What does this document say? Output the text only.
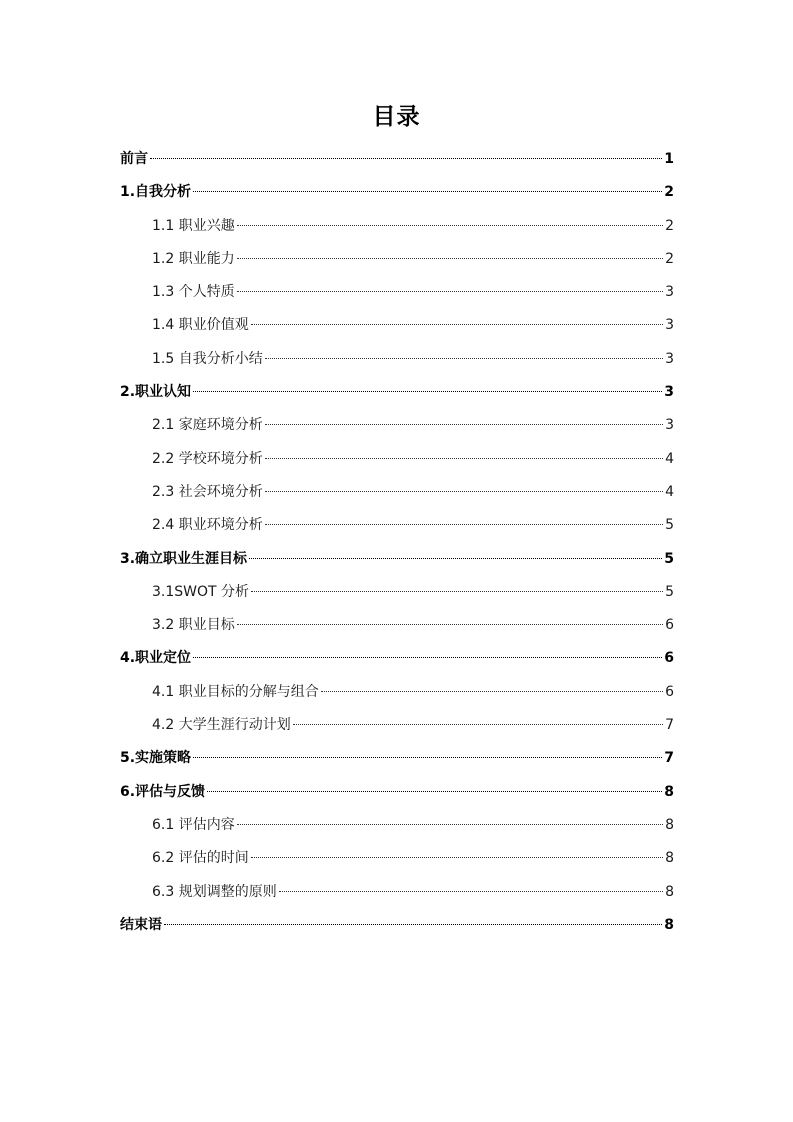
目录
前言	1
1.自我分析	2
1.1 职业兴趣	2
1.2 职业能力	2
1.3 个人特质	3
1.4 职业价值观	3
1.5 自我分析小结	3
2.职业认知	3
2.1 家庭环境分析	3
2.2 学校环境分析	4
2.3 社会环境分析	4
2.4 职业环境分析	5
3.确立职业生涯目标	5
3.1SWOT 分析	5
3.2 职业目标	6
4.职业定位	6
4.1 职业目标的分解与组合	6
4.2 大学生涯行动计划	7
5.实施策略	7
6.评估与反馈	8
6.1 评估内容	8
6.2 评估的时间	8
6.3 规划调整的原则	8
结束语	8
